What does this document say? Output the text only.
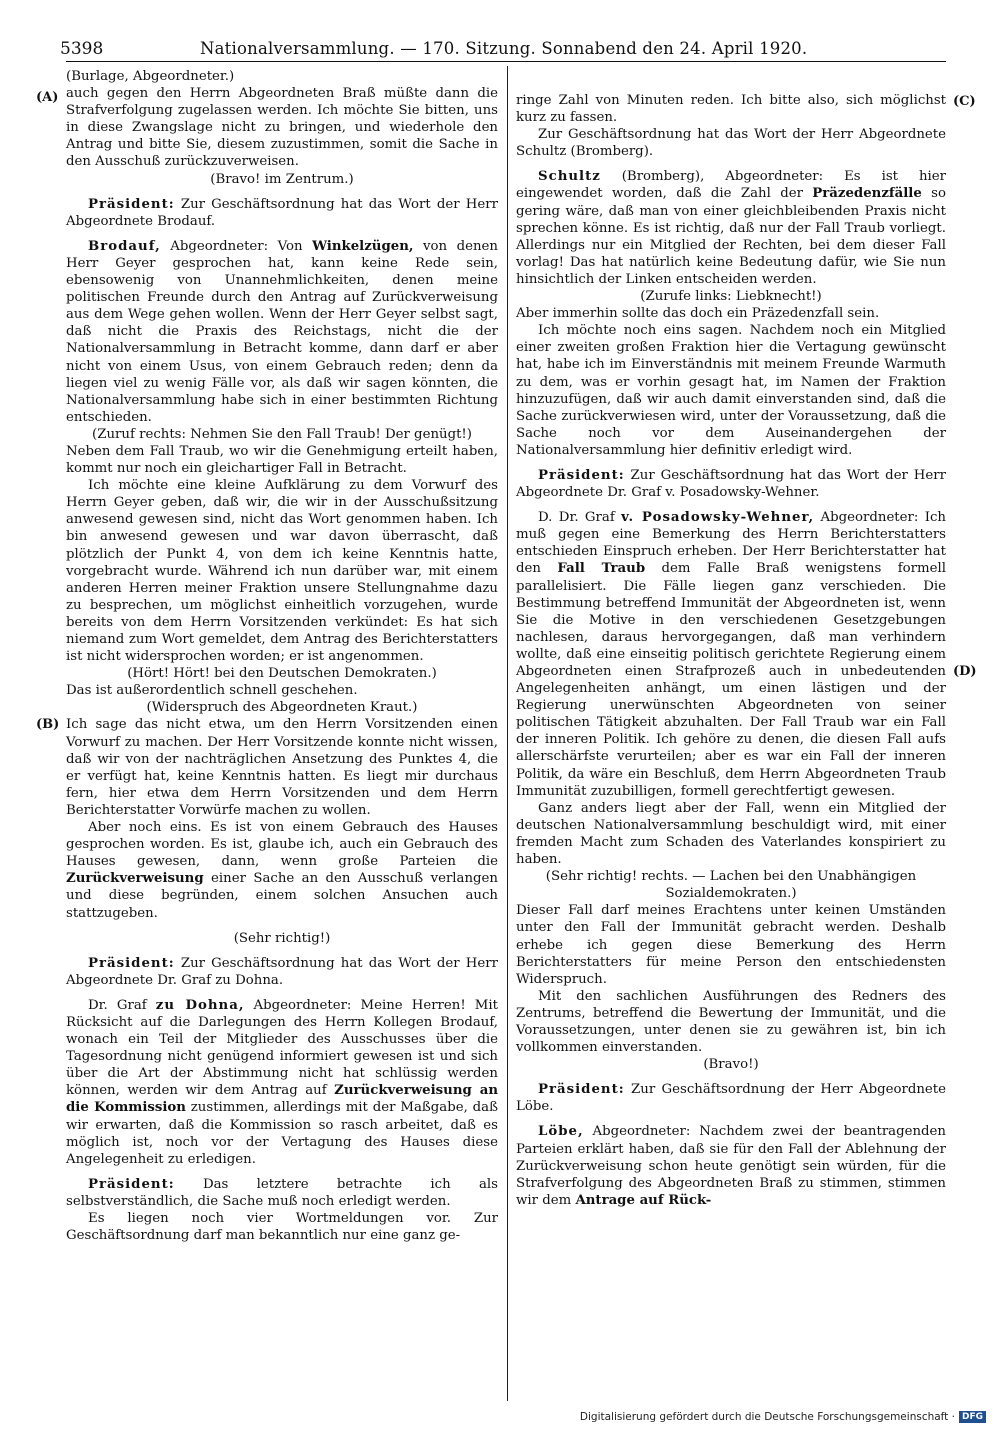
5398	Nationalversammlung. — 170. Sitzung. Sonnabend den 24. April 1920.
(A)
(B)
(C)
(D)

(Burlage, Abgeordneter.)

auch gegen den Herrn Abgeordneten Braß müßte dann die Strafverfolgung zugelassen werden. Ich möchte Sie bitten, uns in diese Zwangslage nicht zu bringen, und wiederhole den Antrag und bitte Sie, diesem zuzustimmen, somit die Sache in den Ausschuß zurückzuverweisen.

(Bravo! im Zentrum.)

Präsident: Zur Geschäftsordnung hat das Wort der Herr Abgeordnete Brodauf.

Brodauf, Abgeordneter: Von Winkelzügen, von denen Herr Geyer gesprochen hat, kann keine Rede sein, ebensowenig von Unannehmlichkeiten, denen meine politischen Freunde durch den Antrag auf Zurückverweisung aus dem Wege gehen wollen. Wenn der Herr Geyer selbst sagt, daß nicht die Praxis des Reichstags, nicht die der Nationalversammlung in Betracht komme, dann darf er aber nicht von einem Usus, von einem Gebrauch reden; denn da liegen viel zu wenig Fälle vor, als daß wir sagen könnten, die Nationalversammlung habe sich in einer bestimmten Richtung entschieden.

(Zuruf rechts: Nehmen Sie den Fall Traub! Der genügt!)

Neben dem Fall Traub, wo wir die Genehmigung erteilt haben, kommt nur noch ein gleichartiger Fall in Betracht.

Ich möchte eine kleine Aufklärung zu dem Vorwurf des Herrn Geyer geben, daß wir, die wir in der Ausschußsitzung anwesend gewesen sind, nicht das Wort genommen haben. Ich bin anwesend gewesen und war davon überrascht, daß plötzlich der Punkt 4, von dem ich keine Kenntnis hatte, vorgebracht wurde. Während ich nun darüber war, mit einem anderen Herren meiner Fraktion unsere Stellungnahme dazu zu besprechen, um möglichst einheitlich vorzugehen, wurde bereits von dem Herrn Vorsitzenden verkündet: Es hat sich niemand zum Wort gemeldet, dem Antrag des Berichterstatters ist nicht widersprochen worden; er ist angenommen.

(Hört! Hört! bei den Deutschen Demokraten.)

Das ist außerordentlich schnell geschehen.

(Widerspruch des Abgeordneten Kraut.)

Ich sage das nicht etwa, um den Herrn Vorsitzenden einen Vorwurf zu machen. Der Herr Vorsitzende konnte nicht wissen, daß wir von der nachträglichen Ansetzung des Punktes 4, die er verfügt hat, keine Kenntnis hatten. Es liegt mir durchaus fern, hier etwa dem Herrn Vorsitzenden und dem Herrn Berichterstatter Vorwürfe machen zu wollen.

Aber noch eins. Es ist von einem Gebrauch des Hauses gesprochen worden. Es ist, glaube ich, auch ein Gebrauch des Hauses gewesen, dann, wenn große Parteien die Zurückverweisung einer Sache an den Ausschuß verlangen und diese begründen, einem solchen Ansuchen auch stattzugeben.

(Sehr richtig!)

Präsident: Zur Geschäftsordnung hat das Wort der Herr Abgeordnete Dr. Graf zu Dohna.

Dr. Graf zu Dohna, Abgeordneter: Meine Herren! Mit Rücksicht auf die Darlegungen des Herrn Kollegen Brodauf, wonach ein Teil der Mitglieder des Ausschusses über die Tagesordnung nicht genügend informiert gewesen ist und sich über die Art der Abstimmung nicht hat schlüssig werden können, werden wir dem Antrag auf Zurückverweisung an die Kommission zustimmen, allerdings mit der Maßgabe, daß wir erwarten, daß die Kommission so rasch arbeitet, daß es möglich ist, noch vor der Vertagung des Hauses diese Angelegenheit zu erledigen.

Präsident: Das letztere betrachte ich als selbstverständlich, die Sache muß noch erledigt werden.

Es liegen noch vier Wortmeldungen vor. Zur Geschäftsordnung darf man bekanntlich nur eine ganz ge-

ringe Zahl von Minuten reden. Ich bitte also, sich möglichst kurz zu fassen.

Zur Geschäftsordnung hat das Wort der Herr Abgeordnete Schultz (Bromberg).

Schultz (Bromberg), Abgeordneter: Es ist hier eingewendet worden, daß die Zahl der Präzedenzfälle so gering wäre, daß man von einer gleichbleibenden Praxis nicht sprechen könne. Es ist richtig, daß nur der Fall Traub vorliegt. Allerdings nur ein Mitglied der Rechten, bei dem dieser Fall vorlag! Das hat natürlich keine Bedeutung dafür, wie Sie nun hinsichtlich der Linken entscheiden werden.

(Zurufe links: Liebknecht!)

Aber immerhin sollte das doch ein Präzedenzfall sein.

Ich möchte noch eins sagen. Nachdem noch ein Mitglied einer zweiten großen Fraktion hier die Vertagung gewünscht hat, habe ich im Einverständnis mit meinem Freunde Warmuth zu dem, was er vorhin gesagt hat, im Namen der Fraktion hinzuzufügen, daß wir auch damit einverstanden sind, daß die Sache zurückverwiesen wird, unter der Voraussetzung, daß die Sache noch vor dem Auseinandergehen der Nationalversammlung hier definitiv erledigt wird.

Präsident: Zur Geschäftsordnung hat das Wort der Herr Abgeordnete Dr. Graf v. Posadowsky-Wehner.

D. Dr. Graf v. Posadowsky-Wehner, Abgeordneter: Ich muß gegen eine Bemerkung des Herrn Berichterstatters entschieden Einspruch erheben. Der Herr Berichterstatter hat den Fall Traub dem Falle Braß wenigstens formell parallelisiert. Die Fälle liegen ganz verschieden. Die Bestimmung betreffend Immunität der Abgeordneten ist, wenn Sie die Motive in den verschiedenen Gesetzgebungen nachlesen, daraus hervorgegangen, daß man verhindern wollte, daß eine einseitig politisch gerichtete Regierung einem Abgeordneten einen Strafprozeß auch in unbedeutenden Angelegenheiten anhängt, um einen lästigen und der Regierung unerwünschten Abgeordneten von seiner politischen Tätigkeit abzuhalten. Der Fall Traub war ein Fall der inneren Politik. Ich gehöre zu denen, die diesen Fall aufs allerschärfste verurteilen; aber es war ein Fall der inneren Politik, da wäre ein Beschluß, dem Herrn Abgeordneten Traub Immunität zuzubilligen, formell gerechtfertigt gewesen.

Ganz anders liegt aber der Fall, wenn ein Mitglied der deutschen Nationalversammlung beschuldigt wird, mit einer fremden Macht zum Schaden des Vaterlandes konspiriert zu haben.

(Sehr richtig! rechts. — Lachen bei den Unabhängigen Sozialdemokraten.)

Dieser Fall darf meines Erachtens unter keinen Umständen unter den Fall der Immunität gebracht werden. Deshalb erhebe ich gegen diese Bemerkung des Herrn Berichterstatters für meine Person den entschiedensten Widerspruch.

Mit den sachlichen Ausführungen des Redners des Zentrums, betreffend die Bewertung der Immunität, und die Voraussetzungen, unter denen sie zu gewähren ist, bin ich vollkommen einverstanden.

(Bravo!)

Präsident: Zur Geschäftsordnung der Herr Abgeordnete Löbe.

Löbe, Abgeordneter: Nachdem zwei der beantragenden Parteien erklärt haben, daß sie für den Fall der Ablehnung der Zurückverweisung schon heute genötigt sein würden, für die Strafverfolgung des Abgeordneten Braß zu stimmen, stimmen wir dem Antrage auf Rück-

Digitalisierung gefördert durch die Deutsche Forschungsgemeinschaft · DFG
